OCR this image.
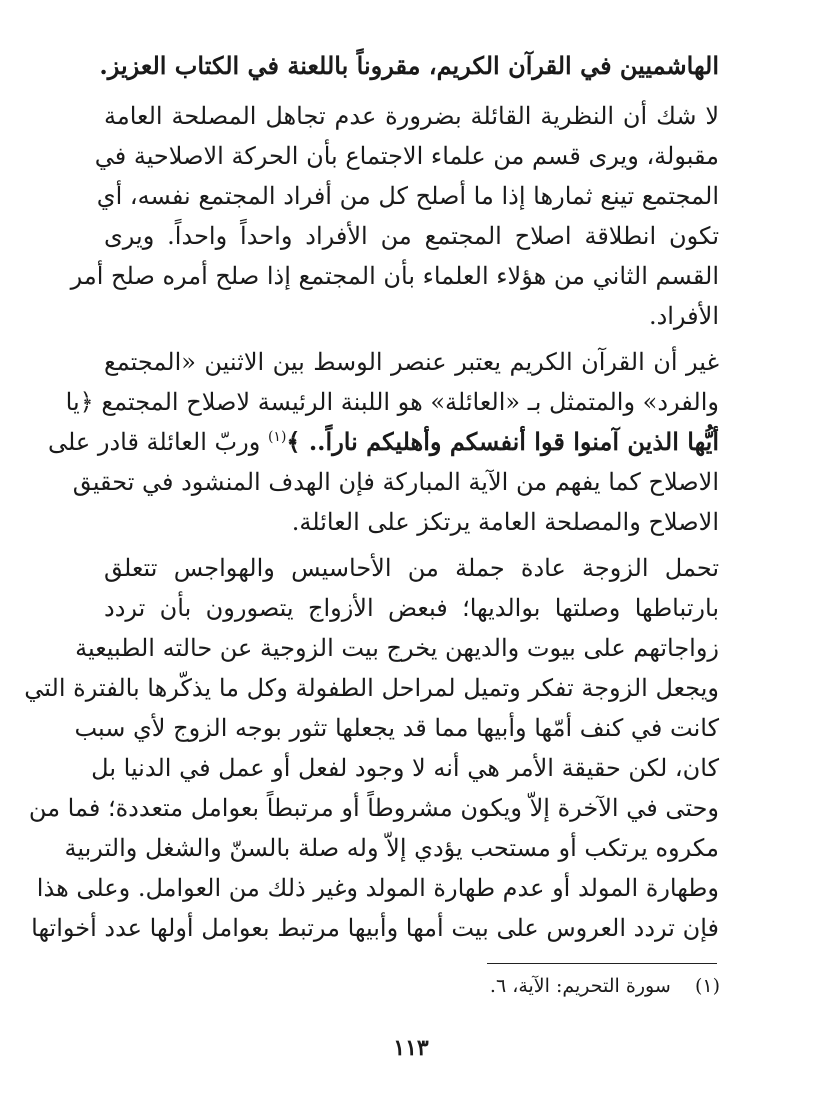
الهاشميين في القرآن الكريم، مقروناً باللعنة في الكتاب العزيز.
لا شك أن النظرية القائلة بضرورة عدم تجاهل المصلحة العامة
مقبولة، ويرى قسم من علماء الاجتماع بأن الحركة الاصلاحية في
المجتمع تينع ثمارها إذا ما أصلح كل من أفراد المجتمع نفسه، أي
تكون انطلاقة اصلاح المجتمع من الأفراد واحداً واحداً. ويرى
القسم الثاني من هؤلاء العلماء بأن المجتمع إذا صلح أمره صلح أمر
الأفراد.
غير أن القرآن الكريم يعتبر عنصر الوسط بين الاثنين «المجتمع
والفرد» والمتمثل بـ «العائلة» هو اللبنة الرئيسة لاصلاح المجتمع ﴿يا
أيُّها الذين آمنوا قوا أنفسكم وأهليكم ناراً.. ﴾$^{(١)}$ وربّ العائلة قادر على
الاصلاح كما يفهم من الآية المباركة فإن الهدف المنشود في تحقيق
الاصلاح والمصلحة العامة يرتكز على العائلة.
تحمل الزوجة عادة جملة من الأحاسيس والهواجس تتعلق
بارتباطها وصلتها بوالديها؛ فبعض الأزواج يتصورون بأن تردد
زواجاتهم على بيوت والديهن يخرج بيت الزوجية عن حالته الطبيعية
ويجعل الزوجة تفكر وتميل لمراحل الطفولة وكل ما يذكّرها بالفترة التي
كانت في كنف أمّها وأبيها مما قد يجعلها تثور بوجه الزوج لأي سبب
كان، لكن حقيقة الأمر هي أنه لا وجود لفعل أو عمل في الدنيا بل
وحتى في الآخرة إلاّ ويكون مشروطاً أو مرتبطاً بعوامل متعددة؛ فما من
مكروه يرتكب أو مستحب يؤدي إلاّ وله صلة بالسنّ والشغل والتربية
وطهارة المولد أو عدم طهارة المولد وغير ذلك من العوامل. وعلى هذا
فإن تردد العروس على بيت أمها وأبيها مرتبط بعوامل أولها عدد أخواتها
(١)    سورة التحريم: الآية، ٦.
١١٣
